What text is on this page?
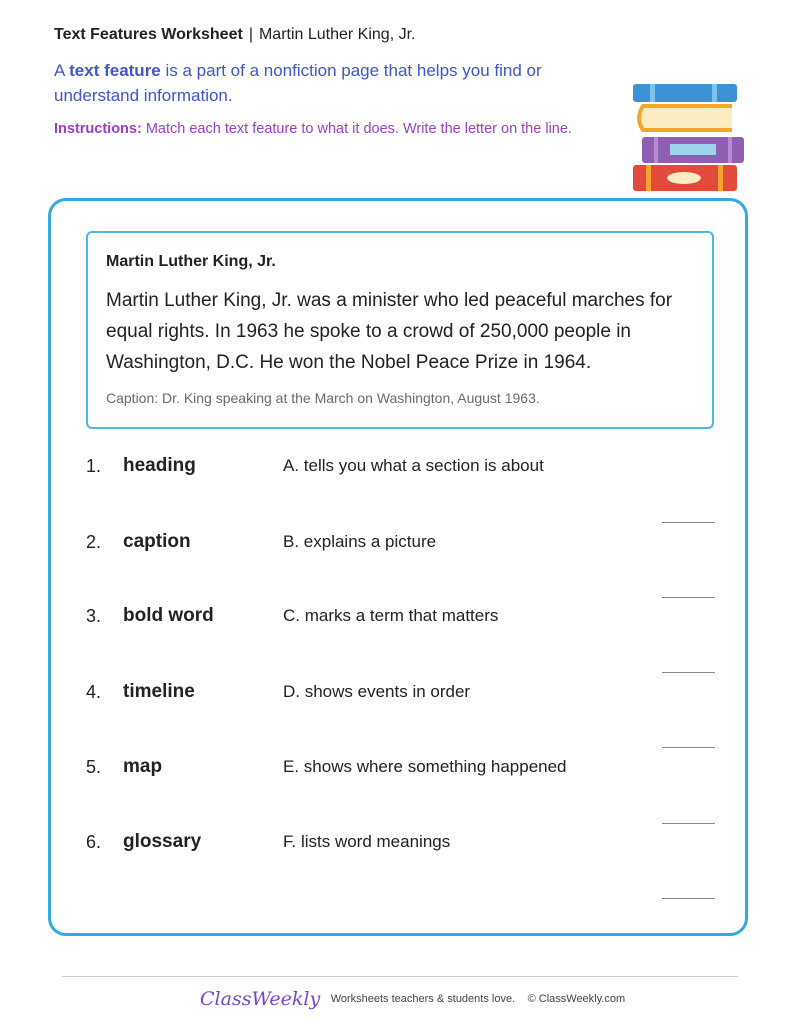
Text Features Worksheet | Martin Luther King, Jr.
A text feature is a part of a nonfiction page that helps you find or understand information.
Instructions: Match each text feature to what it does. Write the letter on the line.
Martin Luther King, Jr.
Martin Luther King, Jr. was a minister who led peaceful marches for equal rights. In 1963 he spoke to a crowd of 250,000 people in Washington, D.C. He won the Nobel Peace Prize in 1964.
Caption: Dr. King speaking at the March on Washington, August 1963.
1. heading	A. tells you what a section is about
2. caption	B. explains a picture
3. bold word	C. marks a term that matters
4. timeline	D. shows events in order
5. map	E. shows where something happened
6. glossary	F. lists word meanings
ClassWeekly Worksheets teachers & students love. © ClassWeekly.com
